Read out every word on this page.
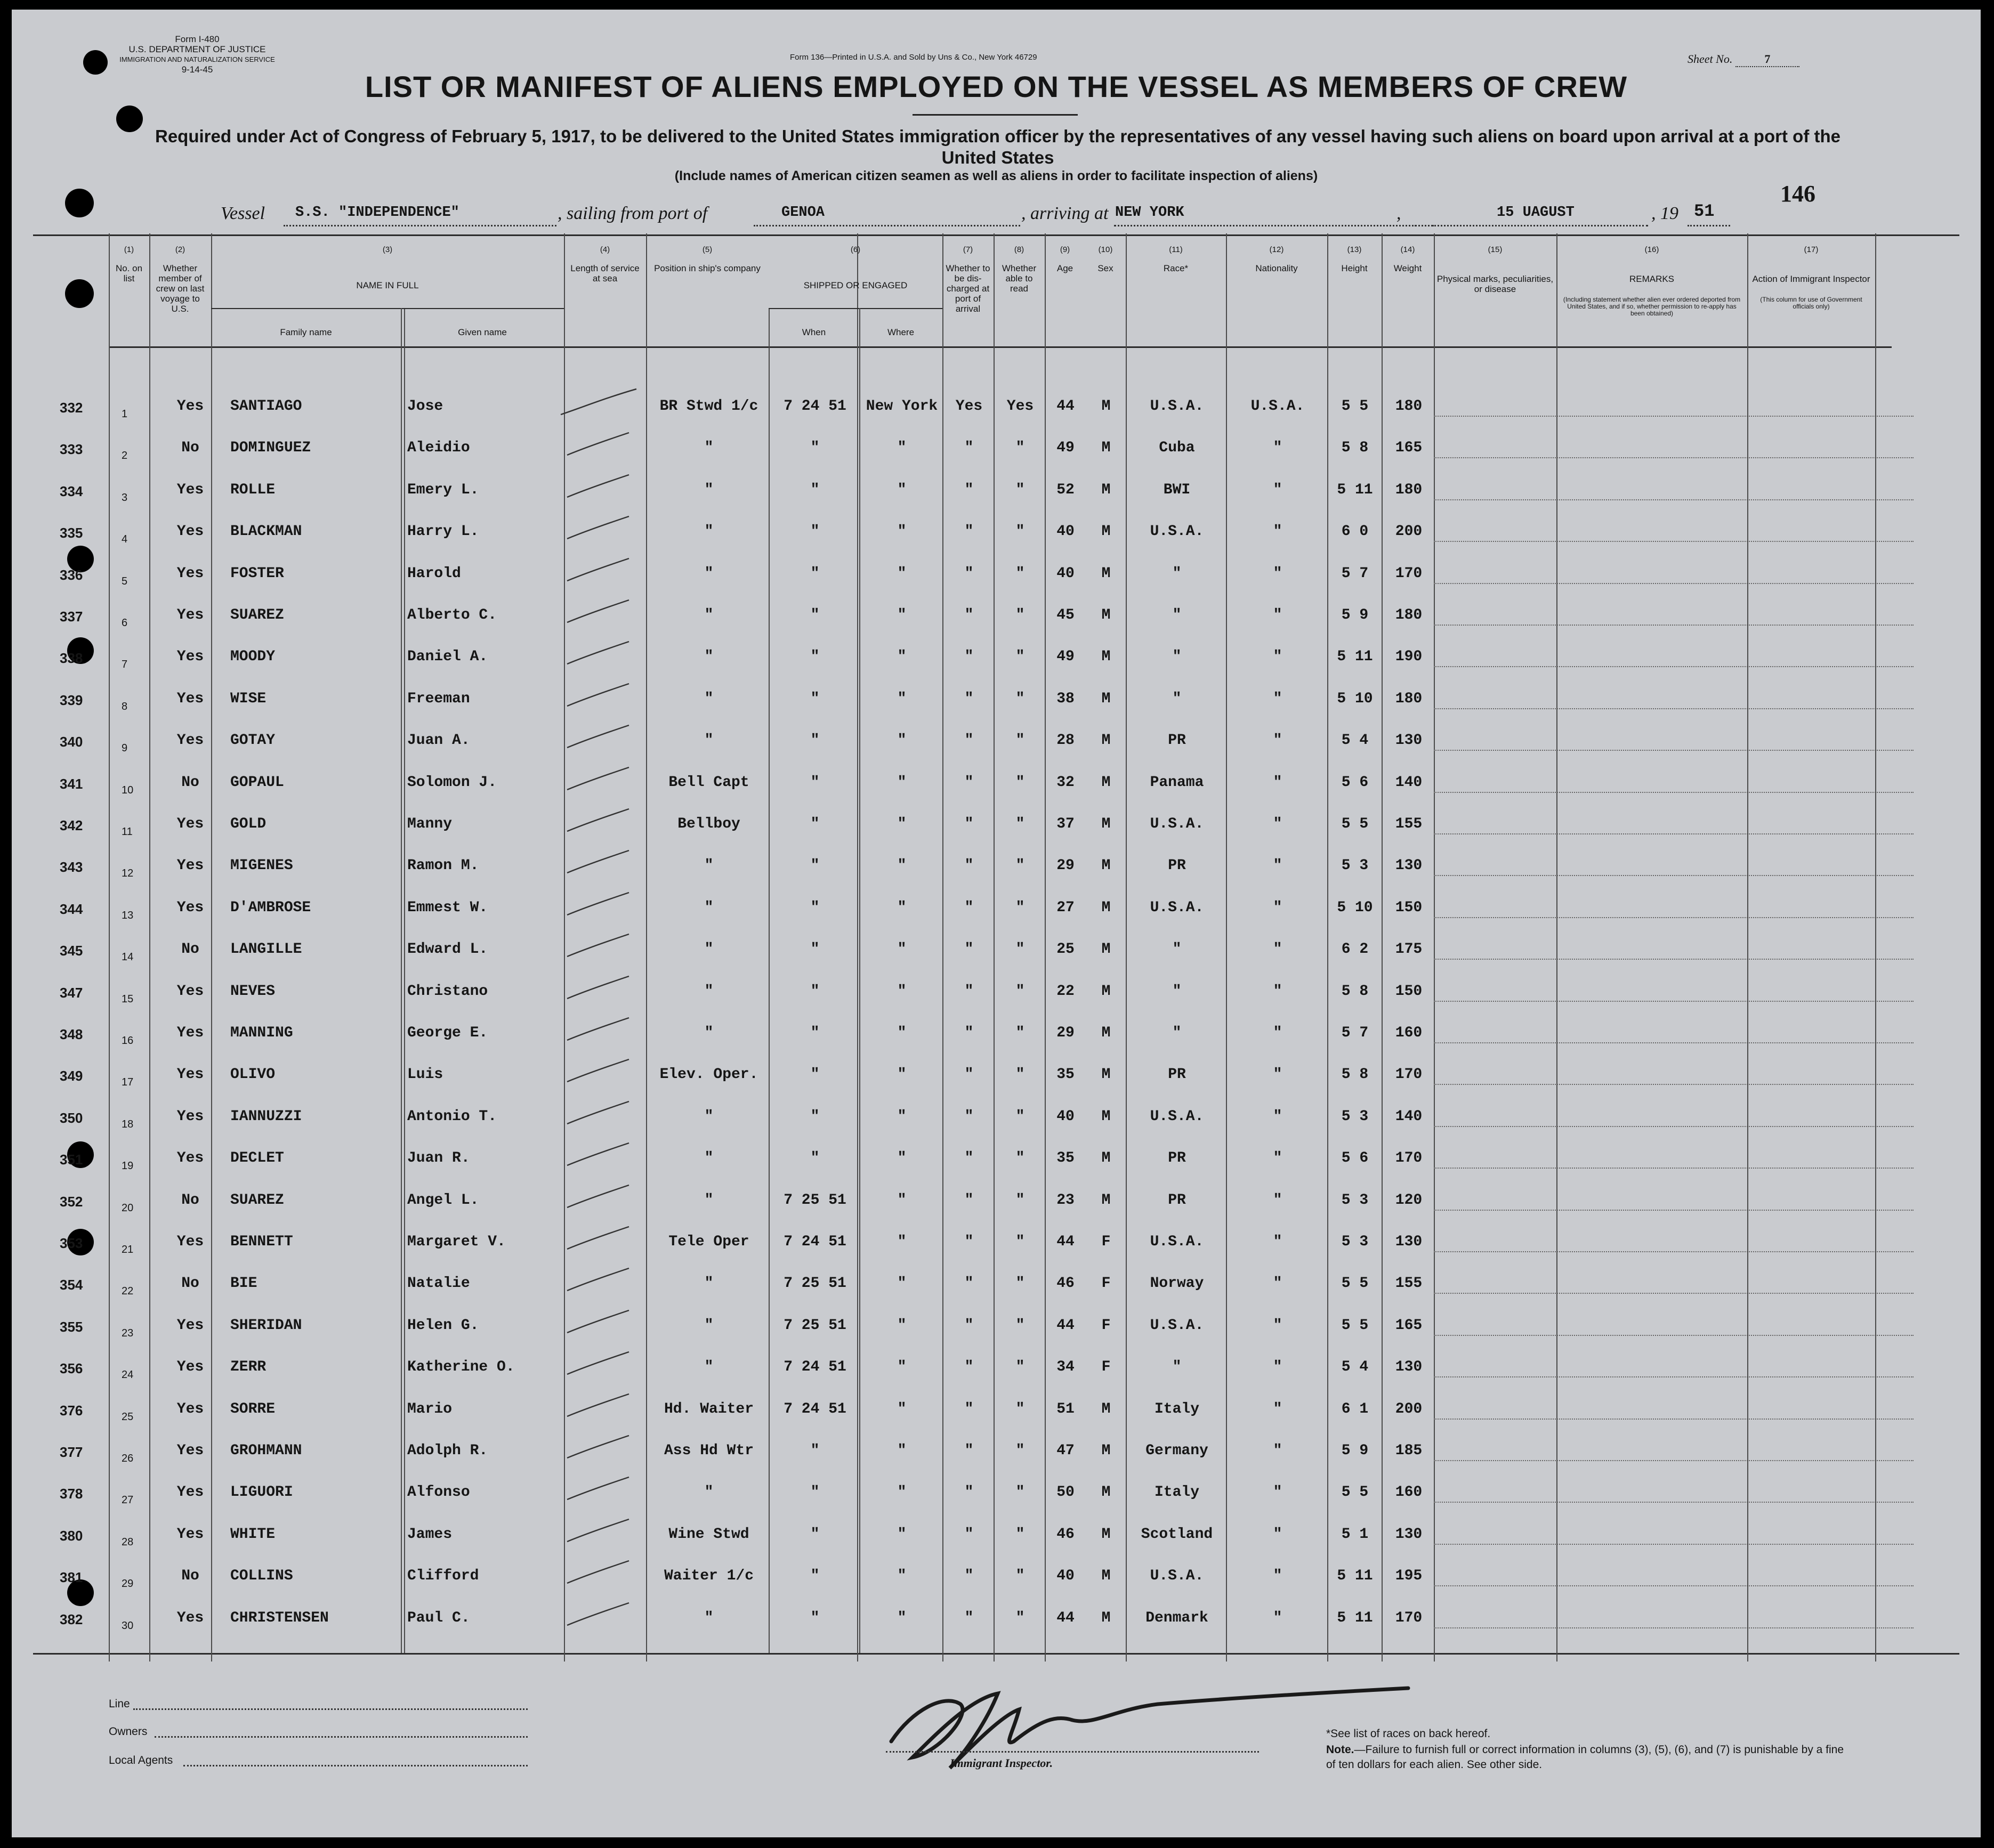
Form I-480
U.S. DEPARTMENT OF JUSTICE
IMMIGRATION AND NATURALIZATION SERVICE
9-14-45
Form 136—Printed in U.S.A. and Sold by Uns & Co., New York 46729	Sheet No.	7
LIST OR MANIFEST OF ALIENS EMPLOYED ON THE VESSEL AS MEMBERS OF CREW
Required under Act of Congress of February 5, 1917, to be delivered to the United States immigration officer by the representatives of any vessel having such aliens on board upon arrival at a port of the United States
(Include names of American citizen seamen as well as aliens in order to facilitate inspection of aliens)
146
Vessel S.S. "INDEPENDENCE"	, sailing from port of	GENOA	, arriving at NEW YORK	,	15 UAGUST	, 19 51
(1)
No. on list
(2)
Whether member of crew on last voyage to U.S.
(3)
NAME IN FULL
Family name	Given name
(4)
Length of service at sea
(5)
Position in ship's company
(6)
SHIPPED OR ENGAGED
When	Where
(7)
Whether to be dis-charged at port of arrival
(8)
Whether able to read
(9)
Age
(10)
Sex
(11)
Race*
(12)
Nationality
(13)
Height
(14)
Weight
(15)
Physical marks, peculiarities, or disease
(16)
REMARKS
(Including statement whether alien ever ordered deported from United States, and if so, whether permission to re-apply has been obtained)
(17)
Action of Immigrant Inspector
(This column for use of Government officials only)
332	1	Yes	SANTIAGO	Jose	BR Stwd 1/c	7 24 51	New York	Yes	Yes	44	M	U.S.A.	U.S.A.	5 5	180
333	2	No	DOMINGUEZ	Aleidio	"	"	"	"	"	49	M	Cuba	"	5 8	165
334	3	Yes	ROLLE	Emery L.	"	"	"	"	"	52	M	BWI	"	5 11	180
335	4	Yes	BLACKMAN	Harry L.	"	"	"	"	"	40	M	U.S.A.	"	6 0	200
336	5	Yes	FOSTER	Harold	"	"	"	"	"	40	M	"	"	5 7	170
337	6	Yes	SUAREZ	Alberto C.	"	"	"	"	"	45	M	"	"	5 9	180
338	7	Yes	MOODY	Daniel A.	"	"	"	"	"	49	M	"	"	5 11	190
339	8	Yes	WISE	Freeman	"	"	"	"	"	38	M	"	"	5 10	180
340	9	Yes	GOTAY	Juan A.	"	"	"	"	"	28	M	PR	"	5 4	130
341	10	No	GOPAUL	Solomon J.	Bell Capt	"	"	"	"	32	M	Panama	"	5 6	140
342	11	Yes	GOLD	Manny	Bellboy	"	"	"	"	37	M	U.S.A.	"	5 5	155
343	12	Yes	MIGENES	Ramon M.	"	"	"	"	"	29	M	PR	"	5 3	130
344	13	Yes	D'AMBROSE	Emmest W.	"	"	"	"	"	27	M	U.S.A.	"	5 10	150
345	14	No	LANGILLE	Edward L.	"	"	"	"	"	25	M	"	"	6 2	175
347	15	Yes	NEVES	Christano	"	"	"	"	"	22	M	"	"	5 8	150
348	16	Yes	MANNING	George E.	"	"	"	"	"	29	M	"	"	5 7	160
349	17	Yes	OLIVO	Luis	Elev. Oper.	"	"	"	"	35	M	PR	"	5 8	170
350	18	Yes	IANNUZZI	Antonio T.	"	"	"	"	"	40	M	U.S.A.	"	5 3	140
351	19	Yes	DECLET	Juan R.	"	"	"	"	"	35	M	PR	"	5 6	170
352	20	No	SUAREZ	Angel L.	"	7 25 51	"	"	"	23	M	PR	"	5 3	120
353	21	Yes	BENNETT	Margaret V.	Tele Oper	7 24 51	"	"	"	44	F	U.S.A.	"	5 3	130
354	22	No	BIE	Natalie	"	7 25 51	"	"	"	46	F	Norway	"	5 5	155
355	23	Yes	SHERIDAN	Helen G.	"	7 25 51	"	"	"	44	F	U.S.A.	"	5 5	165
356	24	Yes	ZERR	Katherine O.	"	7 24 51	"	"	"	34	F	"	"	5 4	130
376	25	Yes	SORRE	Mario	Hd. Waiter	7 24 51	"	"	"	51	M	Italy	"	6 1	200
377	26	Yes	GROHMANN	Adolph R.	Ass Hd Wtr	"	"	"	"	47	M	Germany	"	5 9	185
378	27	Yes	LIGUORI	Alfonso	"	"	"	"	"	50	M	Italy	"	5 5	160
380	28	Yes	WHITE	James	Wine Stwd	"	"	"	"	46	M	Scotland	"	5 1	130
381	29	No	COLLINS	Clifford	Waiter 1/c	"	"	"	"	40	M	U.S.A.	"	5 11	195
382	30	Yes	CHRISTENSEN	Paul C.	"	"	"	"	"	44	M	Denmark	"	5 11	170
Line
Owners
Local Agents	Immigrant Inspector.
*See list of races on back hereof.
Note.—Failure to furnish full or correct information in columns (3), (5), (6), and (7) is punishable by a fine of ten dollars for each alien. See other side.
